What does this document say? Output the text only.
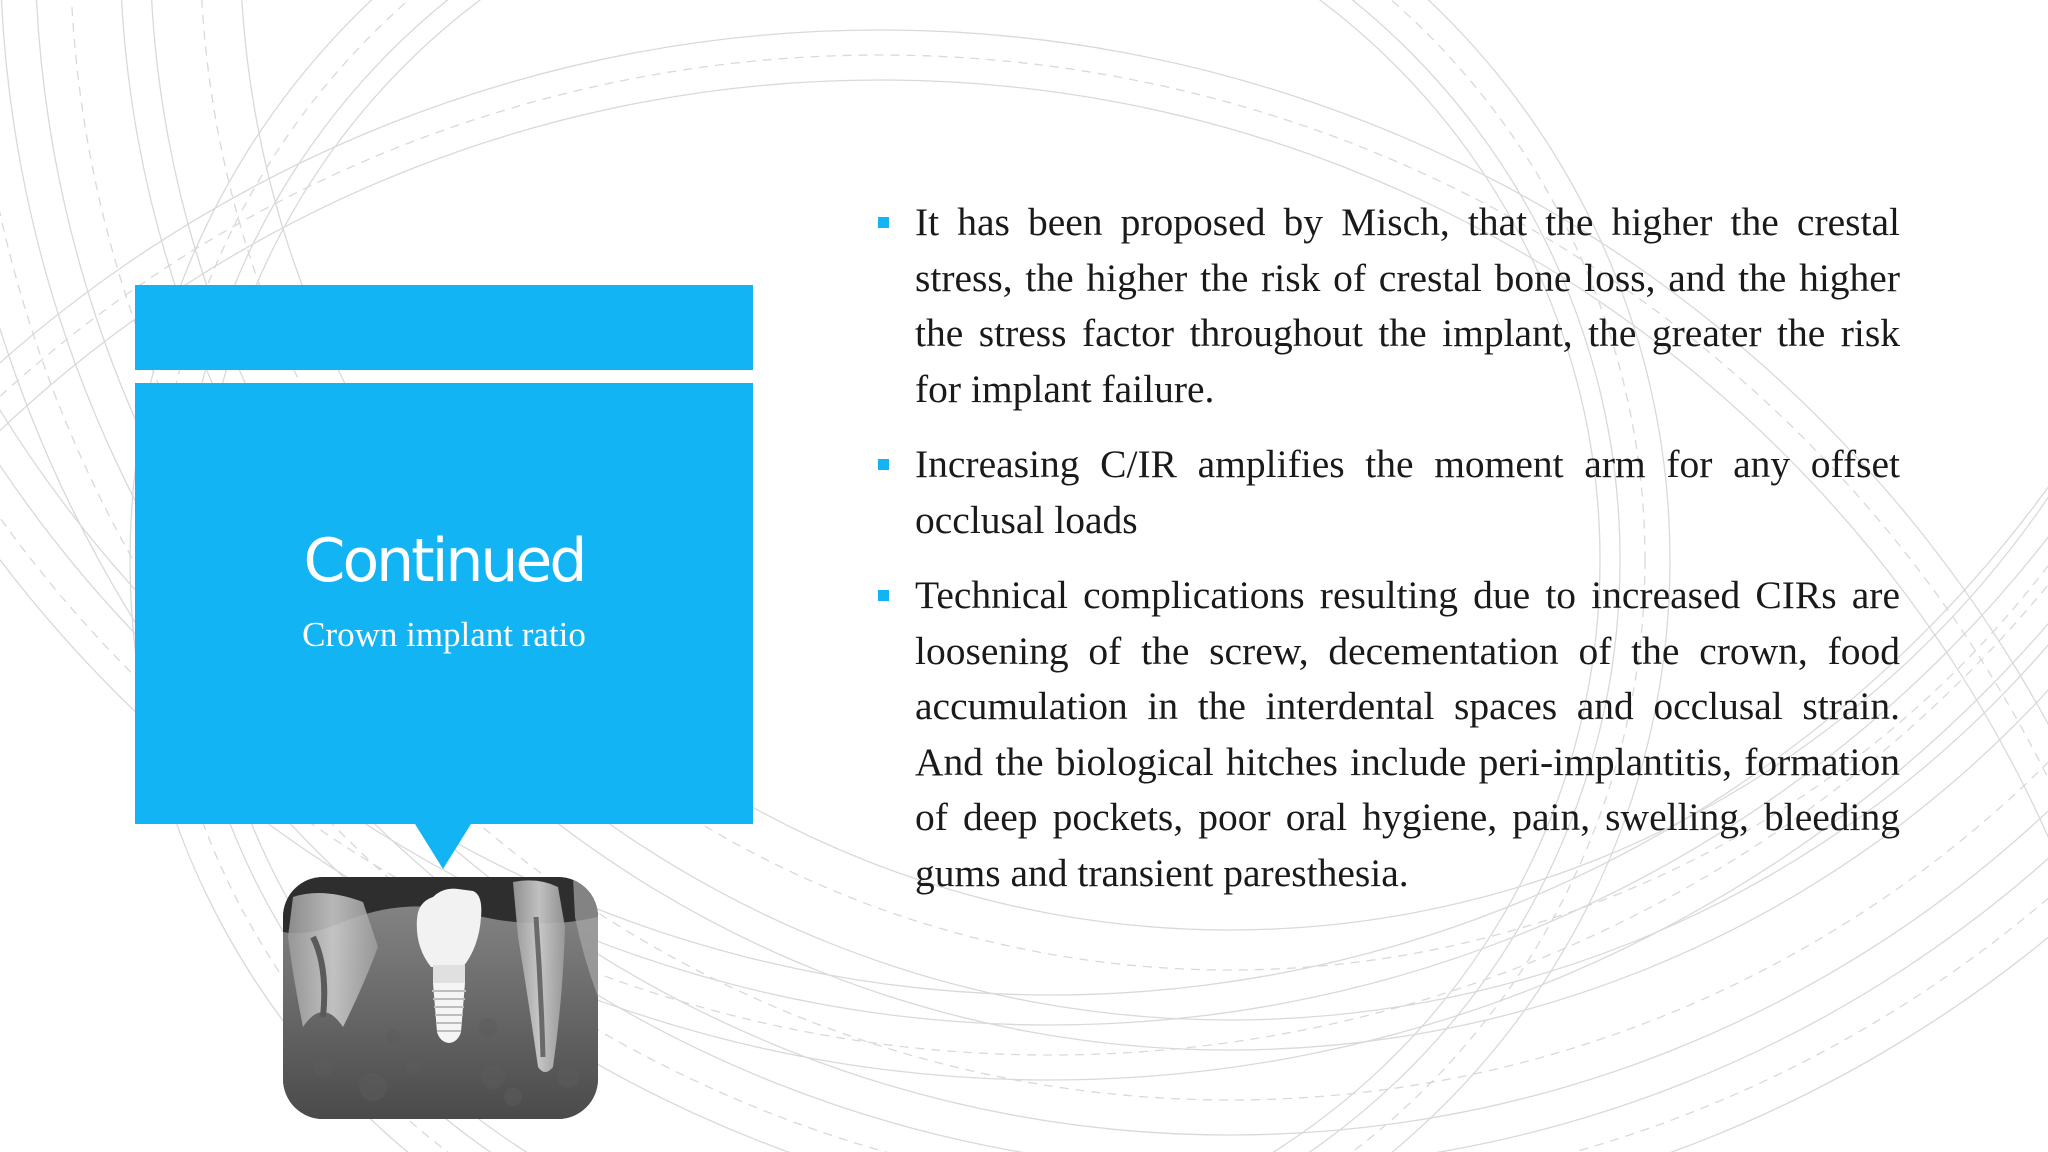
Continued
Crown implant ratio
It has been proposed by Misch, that the higher the crestal stress, the higher the risk of crestal bone loss, and the higher the stress factor throughout the implant, the greater the risk for implant failure.
Increasing C/IR amplifies the moment arm for any offset occlusal loads
Technical complications resulting due to increased CIRs are loosening of the screw, decementation of the crown, food accumulation in the interdental spaces and occlusal strain. And the biological hitches include peri-implantitis, formation of deep pockets, poor oral hygiene, pain, swelling, bleeding gums and transient paresthesia.
